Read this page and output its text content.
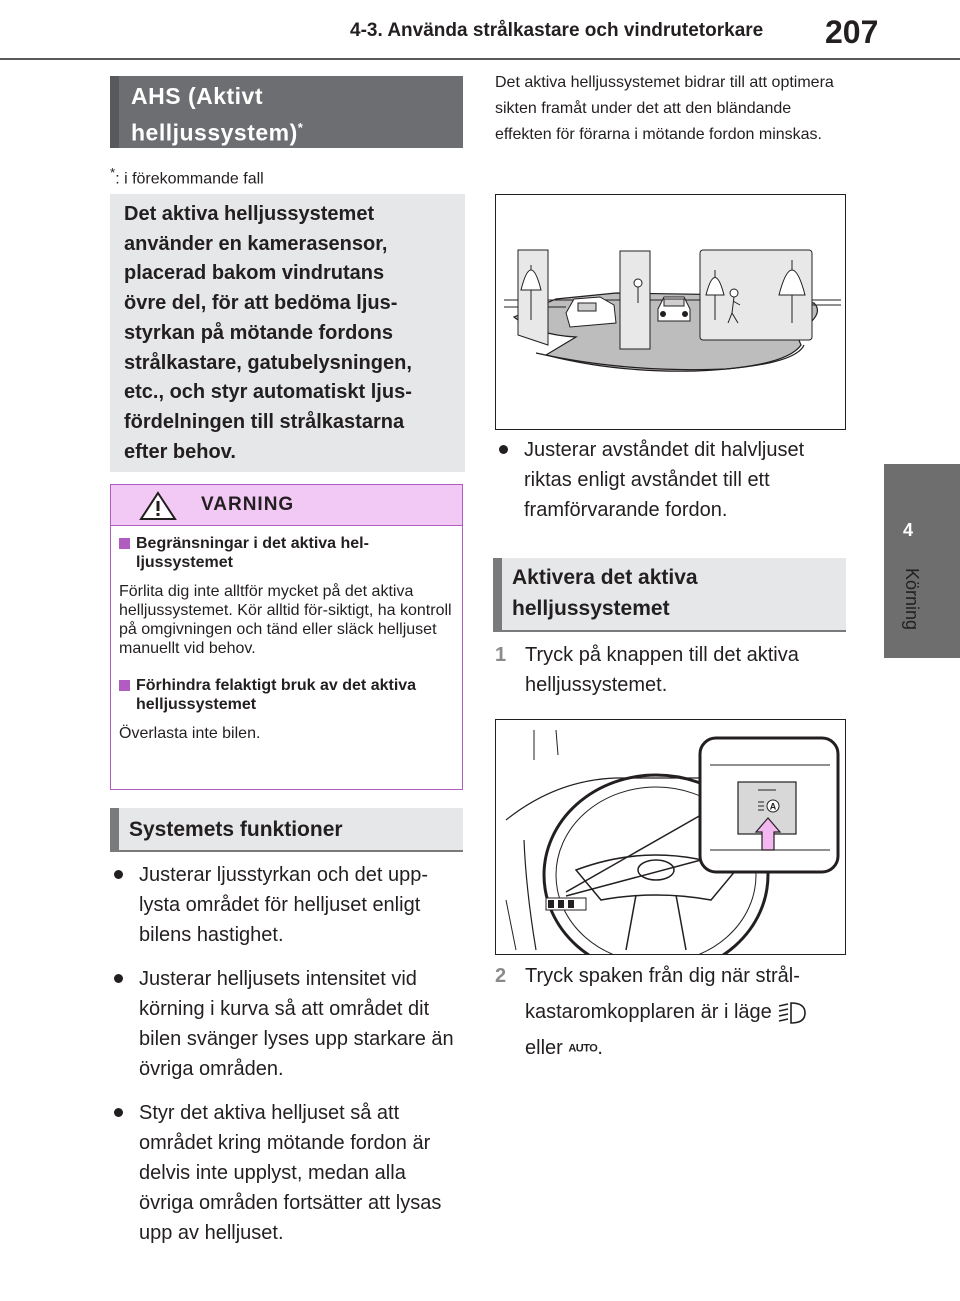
4-3. Använda strålkastare och vindrutetorkare	207
4
Körning
AHS (Aktivt
helljussystem)*
*: i förekommande fall

Det aktiva helljussystemet

använder en kamerasensor,

placerad bakom vindrutans

övre del, för att bedöma ljus-

styrkan på mötande fordons

strålkastare, gatubelysningen,

etc., och styr automatiskt ljus-

fördelningen till strålkastarna

efter behov.

VARNING
Begränsningar i det aktiva hel-ljussystemet

Förlita dig inte alltför mycket på det aktiva helljussystemet. Kör alltid för-siktigt, ha kontroll på omgivningen och tänd eller släck helljuset manuellt vid behov.

Förhindra felaktigt bruk av det aktiva helljussystemet

Överlasta inte bilen.

Systemets funktioner
Justerar ljusstyrkan och det upp-lysta området för helljuset enligt bilens hastighet.
Justerar helljusets intensitet vid körning i kurva så att området dit bilen svänger lyses upp starkare än övriga områden.
Styr det aktiva helljuset så att området kring mötande fordon är delvis inte upplyst, medan alla övriga områden fortsätter att lysas upp av helljuset.
Det aktiva helljussystemet bidrar till att optimera sikten framåt under det att den bländande effekten för förarna i mötande fordon minskas.
Justerar avståndet dit halvljuset riktas enligt avståndet till ett framförvarande fordon.
Aktivera det aktiva
helljussystemet
1 Tryck på knappen till det aktiva helljussystemet.
A
2 Tryck spaken från dig när strål-
kastaromkopplaren är i läge
eller AUTO.
